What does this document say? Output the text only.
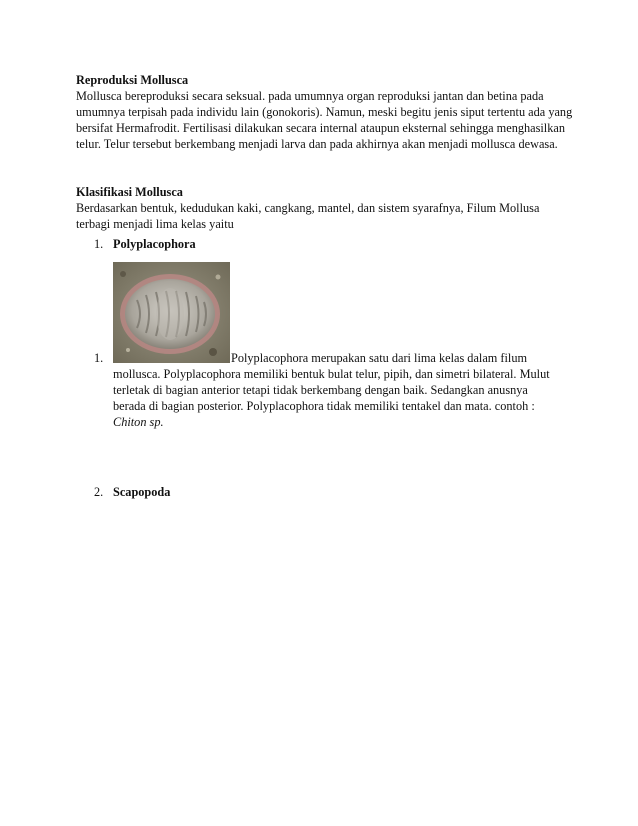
Reproduksi Mollusca
Mollusca bereproduksi secara seksual. pada umumnya organ reproduksi jantan dan betina pada umumnya terpisah pada individu lain (gonokoris). Namun, meski begitu jenis siput tertentu ada yang bersifat Hermafrodit. Fertilisasi dilakukan secara internal ataupun eksternal sehingga menghasilkan telur. Telur tersebut berkembang menjadi larva dan pada akhirnya akan menjadi mollusca dewasa.
Klasifikasi Mollusca
Berdasarkan bentuk, kedudukan kaki, cangkang, mantel, dan sistem syarafnya, Filum Mollusa terbagi menjadi lima kelas yaitu
1. Polyplacophora
1.	Polyplacophora merupakan satu dari lima kelas dalam filum
mollusca. Polyplacophora memiliki bentuk bulat telur, pipih, dan simetri bilateral. Mulut terletak di bagian anterior tetapi tidak berkembang dengan baik. Sedangkan anusnya berada di bagian posterior. Polyplacophora tidak memiliki tentakel dan mata. contoh :
Chiton sp.
2. Scapopoda
